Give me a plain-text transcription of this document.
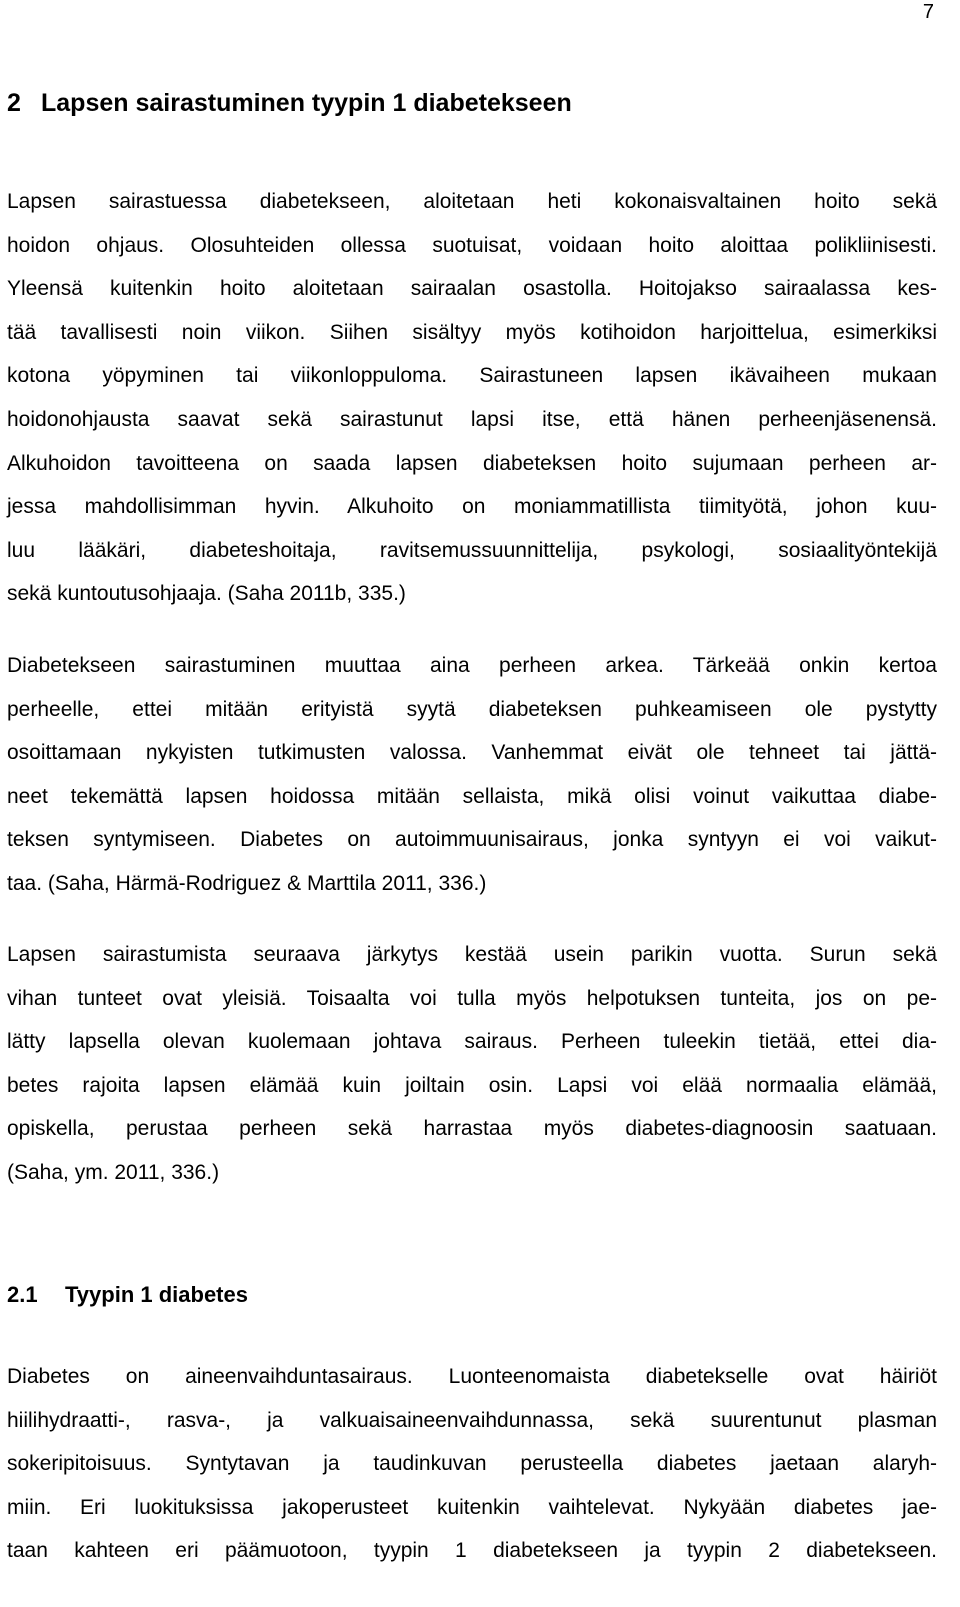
7
2 Lapsen sairastuminen tyypin 1 diabetekseen

Lapsen sairastuessa diabetekseen, aloitetaan heti kokonaisvaltainen hoito sekä
hoidon ohjaus. Olosuhteiden ollessa suotuisat, voidaan hoito aloittaa polikliinisesti.
Yleensä kuitenkin hoito aloitetaan sairaalan osastolla. Hoitojakso sairaalassa kes-
tää tavallisesti noin viikon. Siihen sisältyy myös kotihoidon harjoittelua, esimerkiksi
kotona yöpyminen tai viikonloppuloma. Sairastuneen lapsen ikävaiheen mukaan
hoidonohjausta saavat sekä sairastunut lapsi itse, että hänen perheenjäsenensä.
Alkuhoidon tavoitteena on saada lapsen diabeteksen hoito sujumaan perheen ar-
jessa mahdollisimman hyvin. Alkuhoito on moniammatillista tiimityötä, johon kuu-
luu lääkäri, diabeteshoitaja, ravitsemussuunnittelija, psykologi, sosiaalityöntekijä
sekä kuntoutusohjaaja. (Saha 2011b, 335.)

Diabetekseen sairastuminen muuttaa aina perheen arkea. Tärkeää onkin kertoa
perheelle, ettei mitään erityistä syytä diabeteksen puhkeamiseen ole pystytty
osoittamaan nykyisten tutkimusten valossa. Vanhemmat eivät ole tehneet tai jättä-
neet tekemättä lapsen hoidossa mitään sellaista, mikä olisi voinut vaikuttaa diabe-
teksen syntymiseen. Diabetes on autoimmuunisairaus, jonka syntyyn ei voi vaikut-
taa. (Saha, Härmä-Rodriguez & Marttila 2011, 336.)

Lapsen sairastumista seuraava järkytys kestää usein parikin vuotta. Surun sekä
vihan tunteet ovat yleisiä. Toisaalta voi tulla myös helpotuksen tunteita, jos on pe-
lätty lapsella olevan kuolemaan johtava sairaus. Perheen tuleekin tietää, ettei dia-
betes rajoita lapsen elämää kuin joiltain osin. Lapsi voi elää normaalia elämää,
opiskella, perustaa perheen sekä harrastaa myös diabetes-diagnoosin saatuaan.
(Saha, ym. 2011, 336.)

2.1 Tyypin 1 diabetes

Diabetes on aineenvaihduntasairaus. Luonteenomaista diabetekselle ovat häiriöt
hiilihydraatti-, rasva-, ja valkuaisaineenvaihdunnassa, sekä suurentunut plasman
sokeripitoisuus. Syntytavan ja taudinkuvan perusteella diabetes jaetaan alaryh-
miin. Eri luokituksissa jakoperusteet kuitenkin vaihtelevat. Nykyään diabetes jae-
taan kahteen eri päämuotoon, tyypin 1 diabetekseen ja tyypin 2 diabetekseen.
